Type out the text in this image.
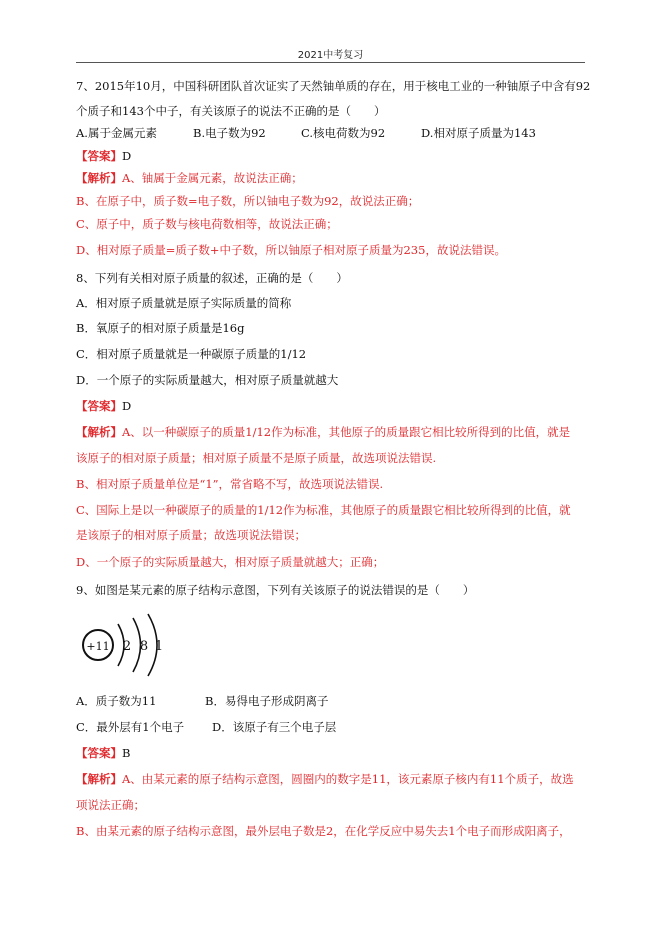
2021中考复习
7、2015年10月，中国科研团队首次证实了天然铀单质的存在，用于核电工业的一种铀原子中含有92
个质子和143个中子，有关该原子的说法不正确的是（　　）
A.属于金属元素	B.电子数为92	C.核电荷数为92	D.相对原子质量为143
【答案】D
【解析】A、铀属于金属元素，故说法正确；
B、在原子中，质子数=电子数，所以铀电子数为92，故说法正确；
C、原子中，质子数与核电荷数相等，故说法正确；
D、相对原子质量=质子数+中子数，所以铀原子相对原子质量为235，故说法错误。
8、下列有关相对原子质量的叙述，正确的是（　　）
A．相对原子质量就是原子实际质量的简称
B．氧原子的相对原子质量是16g
C．相对原子质量就是一种碳原子质量的1/12
D．一个原子的实际质量越大，相对原子质量就越大
【答案】D
【解析】A、以一种碳原子的质量1/12作为标准，其他原子的质量跟它相比较所得到的比值，就是
该原子的相对原子质量；相对原子质量不是原子质量，故选项说法错误.
B、相对原子质量单位是“1”，常省略不写，故选项说法错误.
C、国际上是以一种碳原子的质量的1/12作为标准，其他原子的质量跟它相比较所得到的比值，就
是该原子的相对原子质量；故选项说法错误；
D、一个原子的实际质量越大，相对原子质量就越大；正确；
9、如图是某元素的原子结构示意图，下列有关该原子的说法错误的是（　　）
+11 2 8 1
A．质子数为11	B．易得电子形成阴离子
C．最外层有1个电子 D．该原子有三个电子层
【答案】B
【解析】A、由某元素的原子结构示意图，圆圈内的数字是11，该元素原子核内有11个质子，故选
项说法正确；
B、由某元素的原子结构示意图，最外层电子数是2，在化学反应中易失去1个电子而形成阳离子，
